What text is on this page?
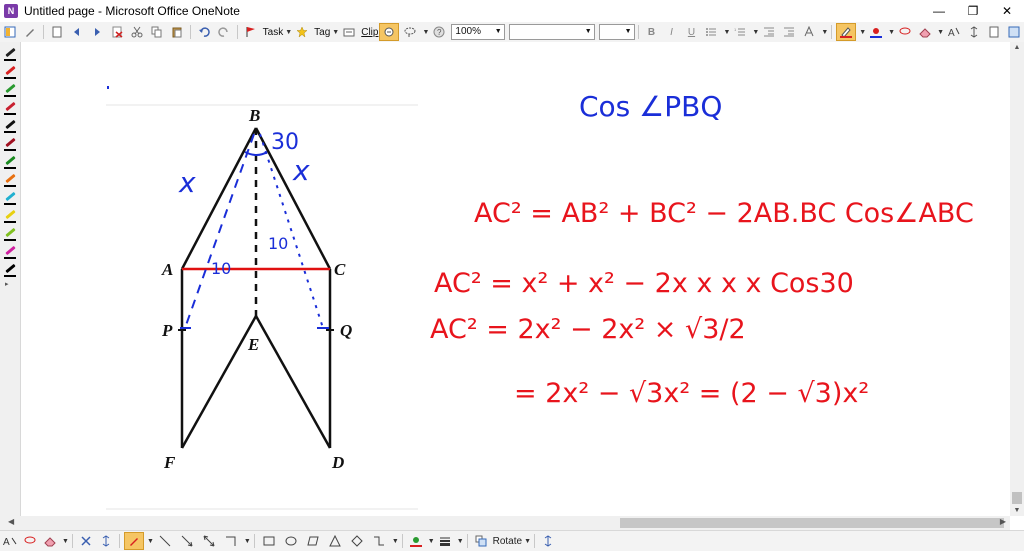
N Untitled page - Microsoft Office OneNote	—	❐	✕
Task ▼ Tag ▼ Clip	▼ ?	100% ▼	▼	▼	B	I	U	▼ 1 ▼	▼	▼	▼	▼ A
▸
B
A	C
P	Q
E
F	D
30
x	x
10
10
Cos ∠PBQ
AC² = AB² + BC² − 2AB.BC Cos∠ABC
AC² = x² + x² − 2x x x x Cos30
AC² = 2x² − 2x² × √3/2
= 2x² − √3x² = (2 − √3)x²
▲
▼
◀	▶
A	▼	▼	▼	▼	▼	▼	Rotate ▼
